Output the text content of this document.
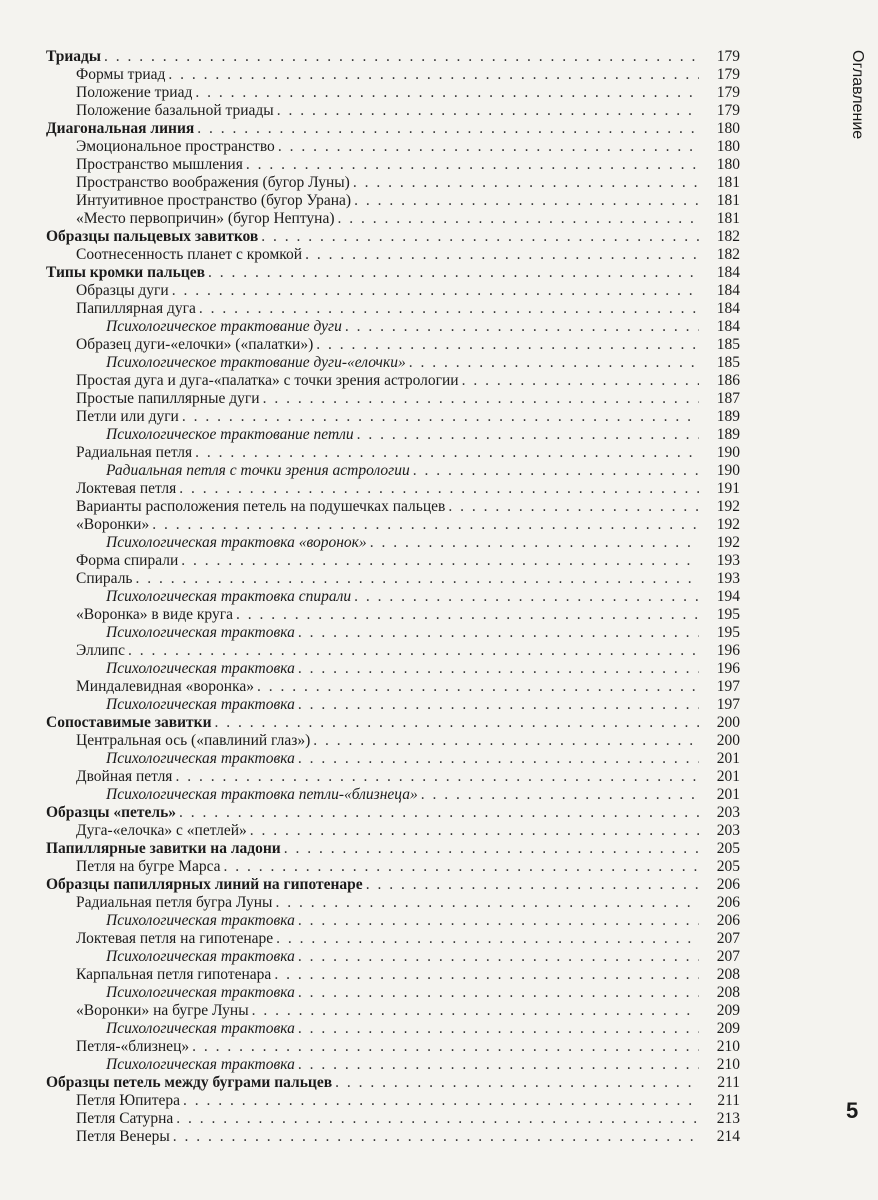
Оглавление
Триады . . .	179
Формы триад . . .	179
Положение триад . . .	179
Положение базальной триады . . .	179
Диагональная линия . . .	180
Эмоциональное пространство . . .	180
Пространство мышления . . .	180
Пространство воображения (бугор Луны) . . .	181
Интуитивное пространство (бугор Урана) . . .	181
«Место первопричин» (бугор Нептуна) . . .	181
Образцы пальцевых завитков . . .	182
Соотнесенность планет с кромкой . . .	182
Типы кромки пальцев . . .	184
Образцы дуги . . .	184
Папиллярная дуга . . .	184
Психологическое трактование дуги . . .	184
Образец дуги-«елочки» («палатки») . . .	185
Психологическое трактование дуги-«елочки» . . .	185
Простая дуга и дуга-«палатка» с точки зрения астрологии . . .	186
Простые папиллярные дуги . . .	187
Петли или дуги . . .	189
Психологическое трактование петли . . .	189
Радиальная петля . . .	190
Радиальная петля с точки зрения астрологии . . .	190
Локтевая петля . . .	191
Варианты расположения петель на подушечках пальцев . . .	192
«Воронки» . . .	192
Психологическая трактовка «воронок» . . .	192
Форма спирали . . .	193
Спираль . . .	193
Психологическая трактовка спирали . . .	194
«Воронка» в виде круга . . .	195
Психологическая трактовка . . .	195
Эллипс . . .	196
Психологическая трактовка . . .	196
Миндалевидная «воронка» . . .	197
Психологическая трактовка . . .	197
Сопоставимые завитки . . .	200
Центральная ось («павлиний глаз») . . .	200
Психологическая трактовка . . .	201
Двойная петля . . .	201
Психологическая трактовка петли-«близнеца» . . .	201
Образцы «петель» . . .	203
Дуга-«елочка» с «петлей» . . .	203
Папиллярные завитки на ладони . . .	205
Петля на бугре Марса . . .	205
Образцы папиллярных линий на гипотенаре . . .	206
Радиальная петля бугра Луны . . .	206
Психологическая трактовка . . .	206
Локтевая петля на гипотенаре . . .	207
Психологическая трактовка . . .	207
Карпальная петля гипотенара . . .	208
Психологическая трактовка . . .	208
«Воронки» на бугре Луны . . .	209
Психологическая трактовка . . .	209
Петля-«близнец» . . .	210
Психологическая трактовка . . .	210
Образцы петель между буграми пальцев . . .	211
Петля Юпитера . . .	211
Петля Сатурна . . .	213
Петля Венеры . . .	214
5
